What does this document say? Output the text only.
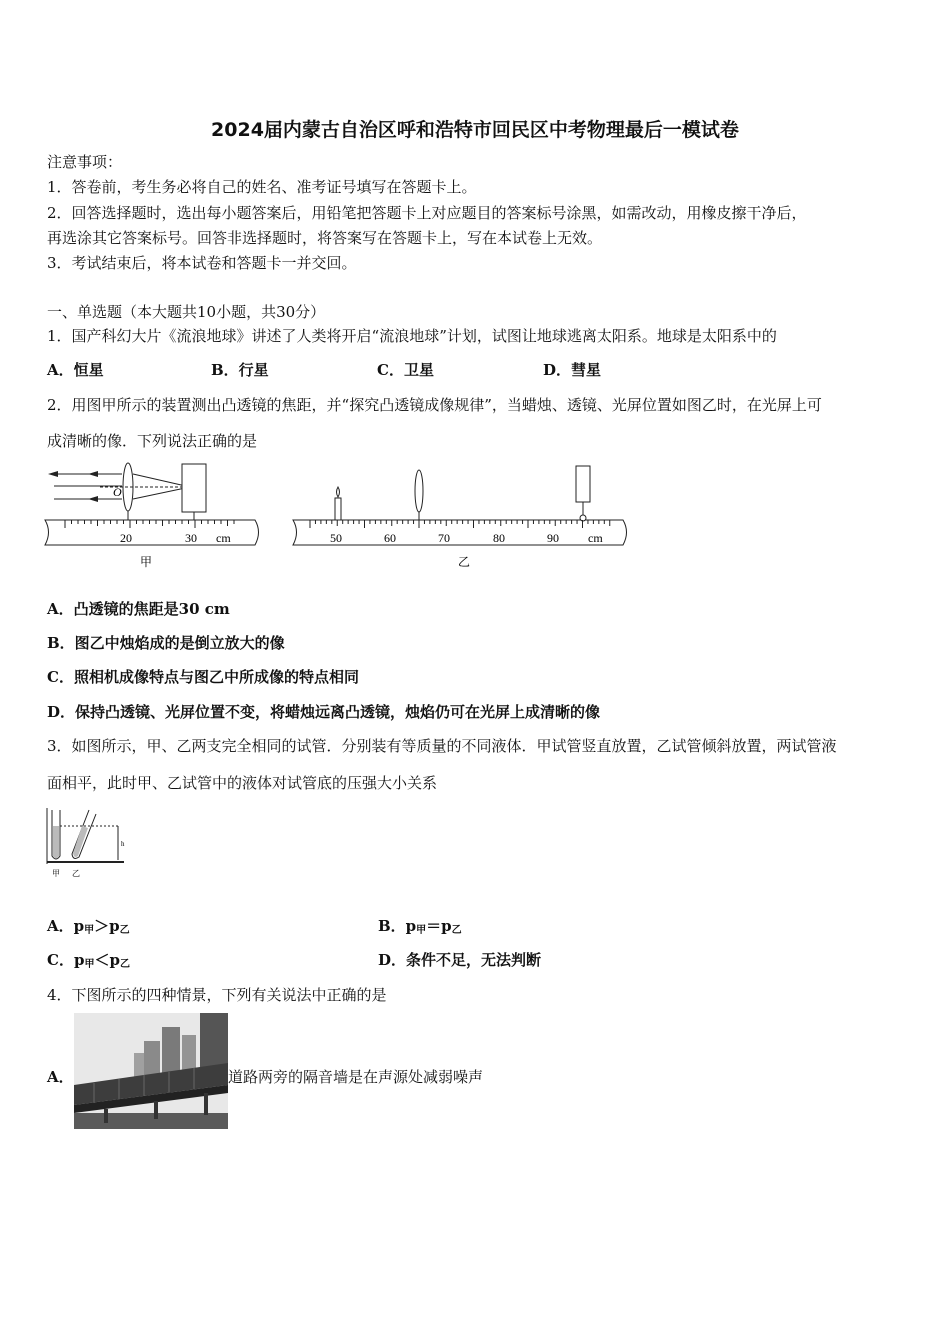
2024届内蒙古自治区呼和浩特市回民区中考物理最后一模试卷
注意事项：
1．答卷前，考生务必将自己的姓名、准考证号填写在答题卡上。
2．回答选择题时，选出每小题答案后，用铅笔把答题卡上对应题目的答案标号涂黑，如需改动，用橡皮擦干净后，
再选涂其它答案标号。回答非选择题时，将答案写在答题卡上，写在本试卷上无效。
3．考试结束后，将本试卷和答题卡一并交回。
一、单选题（本大题共10小题，共30分）
1．国产科幻大片《流浪地球》讲述了人类将开启“流浪地球”计划，试图让地球逃离太阳系。地球是太阳系中的
A．恒星	B．行星	C．卫星	D．彗星
2．用图甲所示的装置测出凸透镜的焦距，并“探究凸透镜成像规律”，当蜡烛、透镜、光屏位置如图乙时，在光屏上可
成清晰的像．下列说法正确的是
O
20	30 cm
甲
50	60	70	80	90 cm
乙
A．凸透镜的焦距是30 cm
B．图乙中烛焰成的是倒立放大的像
C．照相机成像特点与图乙中所成像的特点相同
D．保持凸透镜、光屏位置不变，将蜡烛远离凸透镜，烛焰仍可在光屏上成清晰的像
3．如图所示，甲、乙两支完全相同的试管．分别装有等质量的不同液体．甲试管竖直放置，乙试管倾斜放置，两试管液
面相平，此时甲、乙试管中的液体对试管底的压强大小关系
h
甲 乙
A．$p_甲>p_乙$	B．$p_甲=p_乙$
C．$p_甲<p_乙$	D．条件不足，无法判断
4．下图所示的四种情景，下列有关说法中正确的是
A．	道路两旁的隔音墙是在声源处减弱噪声
